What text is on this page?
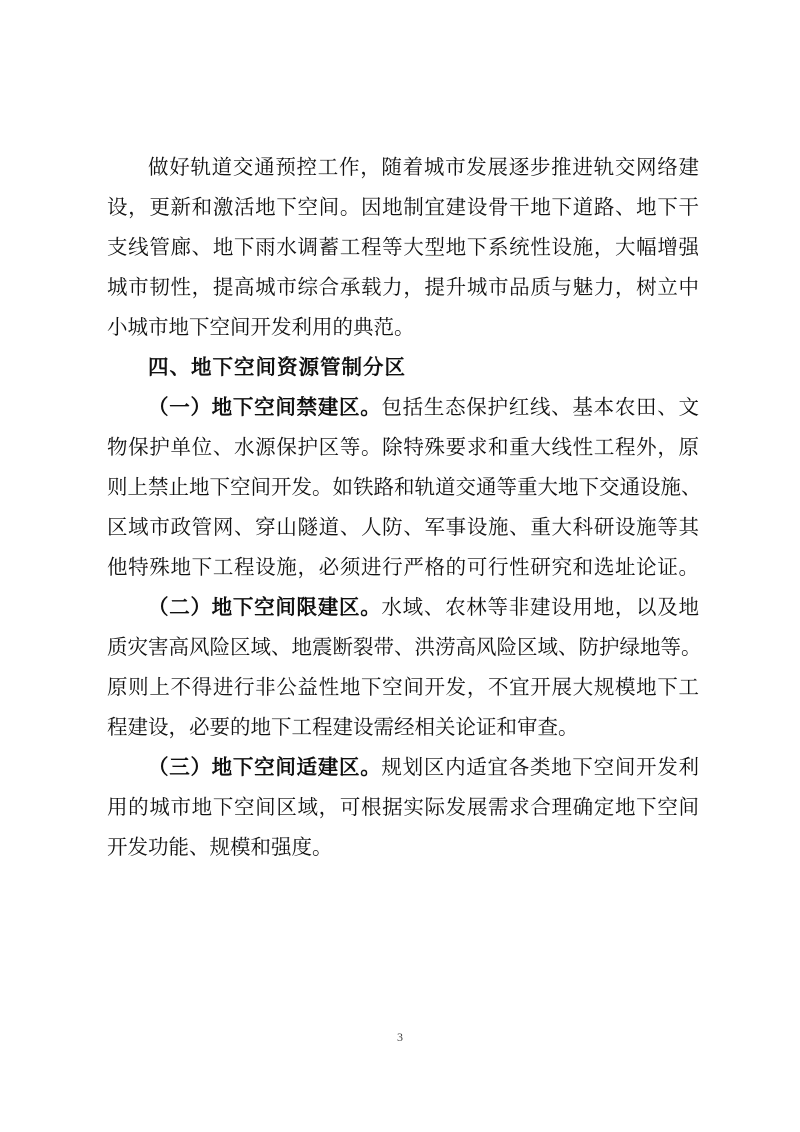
做好轨道交通预控工作，随着城市发展逐步推进轨交网络建
设，更新和激活地下空间。因地制宜建设骨干地下道路、地下干
支线管廊、地下雨水调蓄工程等大型地下系统性设施，大幅增强
城市韧性，提高城市综合承载力，提升城市品质与魅力，树立中
小城市地下空间开发利用的典范。
四、地下空间资源管制分区
（一）地下空间禁建区。包括生态保护红线、基本农田、文
物保护单位、水源保护区等。除特殊要求和重大线性工程外，原
则上禁止地下空间开发。如铁路和轨道交通等重大地下交通设施、
区域市政管网、穿山隧道、人防、军事设施、重大科研设施等其
他特殊地下工程设施，必须进行严格的可行性研究和选址论证。
（二）地下空间限建区。水域、农林等非建设用地，以及地
质灾害高风险区域、地震断裂带、洪涝高风险区域、防护绿地等。
原则上不得进行非公益性地下空间开发，不宜开展大规模地下工
程建设，必要的地下工程建设需经相关论证和审查。
（三）地下空间适建区。规划区内适宜各类地下空间开发利
用的城市地下空间区域，可根据实际发展需求合理确定地下空间
开发功能、规模和强度。
3
